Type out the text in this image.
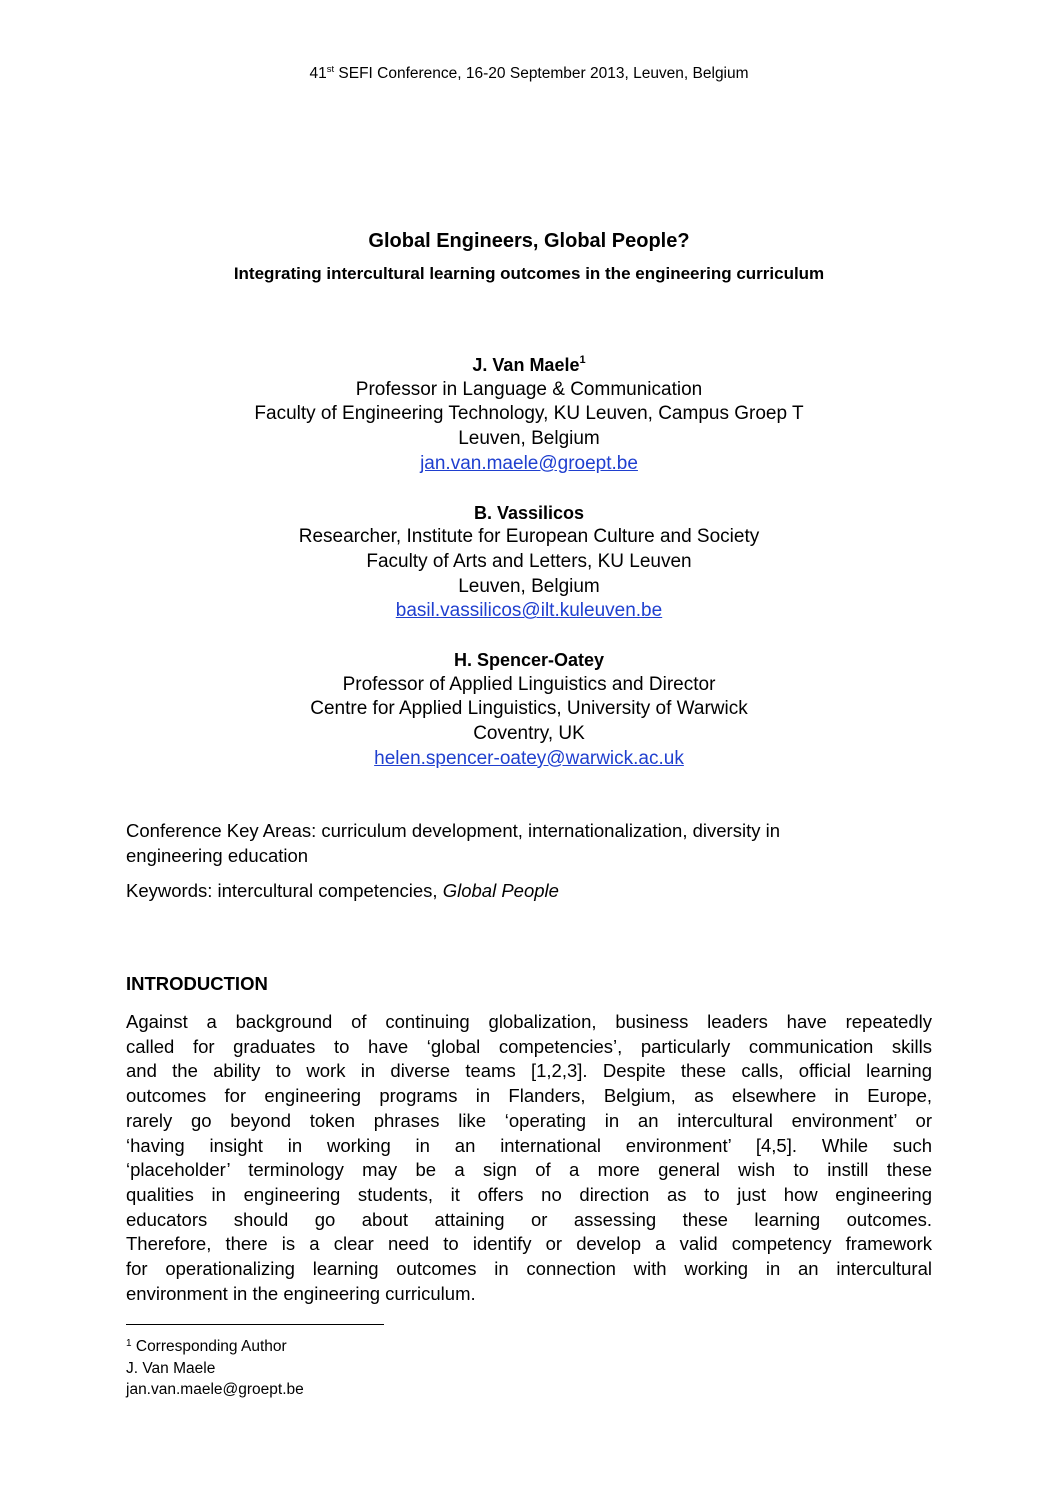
41st SEFI Conference, 16-20 September 2013, Leuven, Belgium
Global Engineers, Global People?
Integrating intercultural learning outcomes in the engineering curriculum
J. Van Maele$^1$
Professor in Language & Communication
Faculty of Engineering Technology, KU Leuven, Campus Groep T
Leuven, Belgium
jan.van.maele@groept.be
B. Vassilicos
Researcher, Institute for European Culture and Society
Faculty of Arts and Letters, KU Leuven
Leuven, Belgium
basil.vassilicos@ilt.kuleuven.be
H. Spencer-Oatey
Professor of Applied Linguistics and Director
Centre for Applied Linguistics, University of Warwick
Coventry, UK
helen.spencer-oatey@warwick.ac.uk
Conference Key Areas: curriculum development, internationalization, diversity in
engineering education
Keywords: intercultural competencies, Global People
INTRODUCTION
Against a background of continuing globalization, business leaders have repeatedly
called for graduates to have ‘global competencies’, particularly communication skills
and the ability to work in diverse teams [1,2,3]. Despite these calls, official learning
outcomes for engineering programs in Flanders, Belgium, as elsewhere in Europe,
rarely go beyond token phrases like ‘operating in an intercultural environment’ or
‘having insight in working in an international environment’ [4,5]. While such
‘placeholder’ terminology may be a sign of a more general wish to instill these
qualities in engineering students, it offers no direction as to just how engineering
educators should go about attaining or assessing these learning outcomes.
Therefore, there is a clear need to identify or develop a valid competency framework
for operationalizing learning outcomes in connection with working in an intercultural
environment in the engineering curriculum.
$^1$ Corresponding Author
J. Van Maele
jan.van.maele@groept.be
